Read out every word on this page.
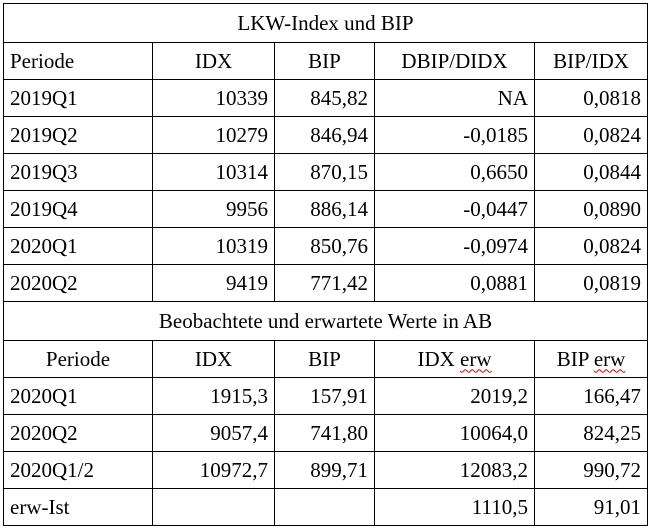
LKW-Index und BIP				
Periode	IDX	BIP	DBIP/DIDX	BIP/IDX
2019Q1	10339	845,82	NA	0,0818
2019Q2	10279	846,94	-0,0185	0,0824
2019Q3	10314	870,15	0,6650	0,0844
2019Q4	9956	886,14	-0,0447	0,0890
2020Q1	10319	850,76	-0,0974	0,0824
2020Q2	9419	771,42	0,0881	0,0819
Beobachtete und erwartete Werte in AB				
Periode	IDX	BIP	IDX erw	BIP erw
2020Q1	1915,3	157,91	2019,2	166,47
2020Q2	9057,4	741,80	10064,0	824,25
2020Q1/2	10972,7	899,71	12083,2	990,72
erw-Ist			1110,5	91,01
